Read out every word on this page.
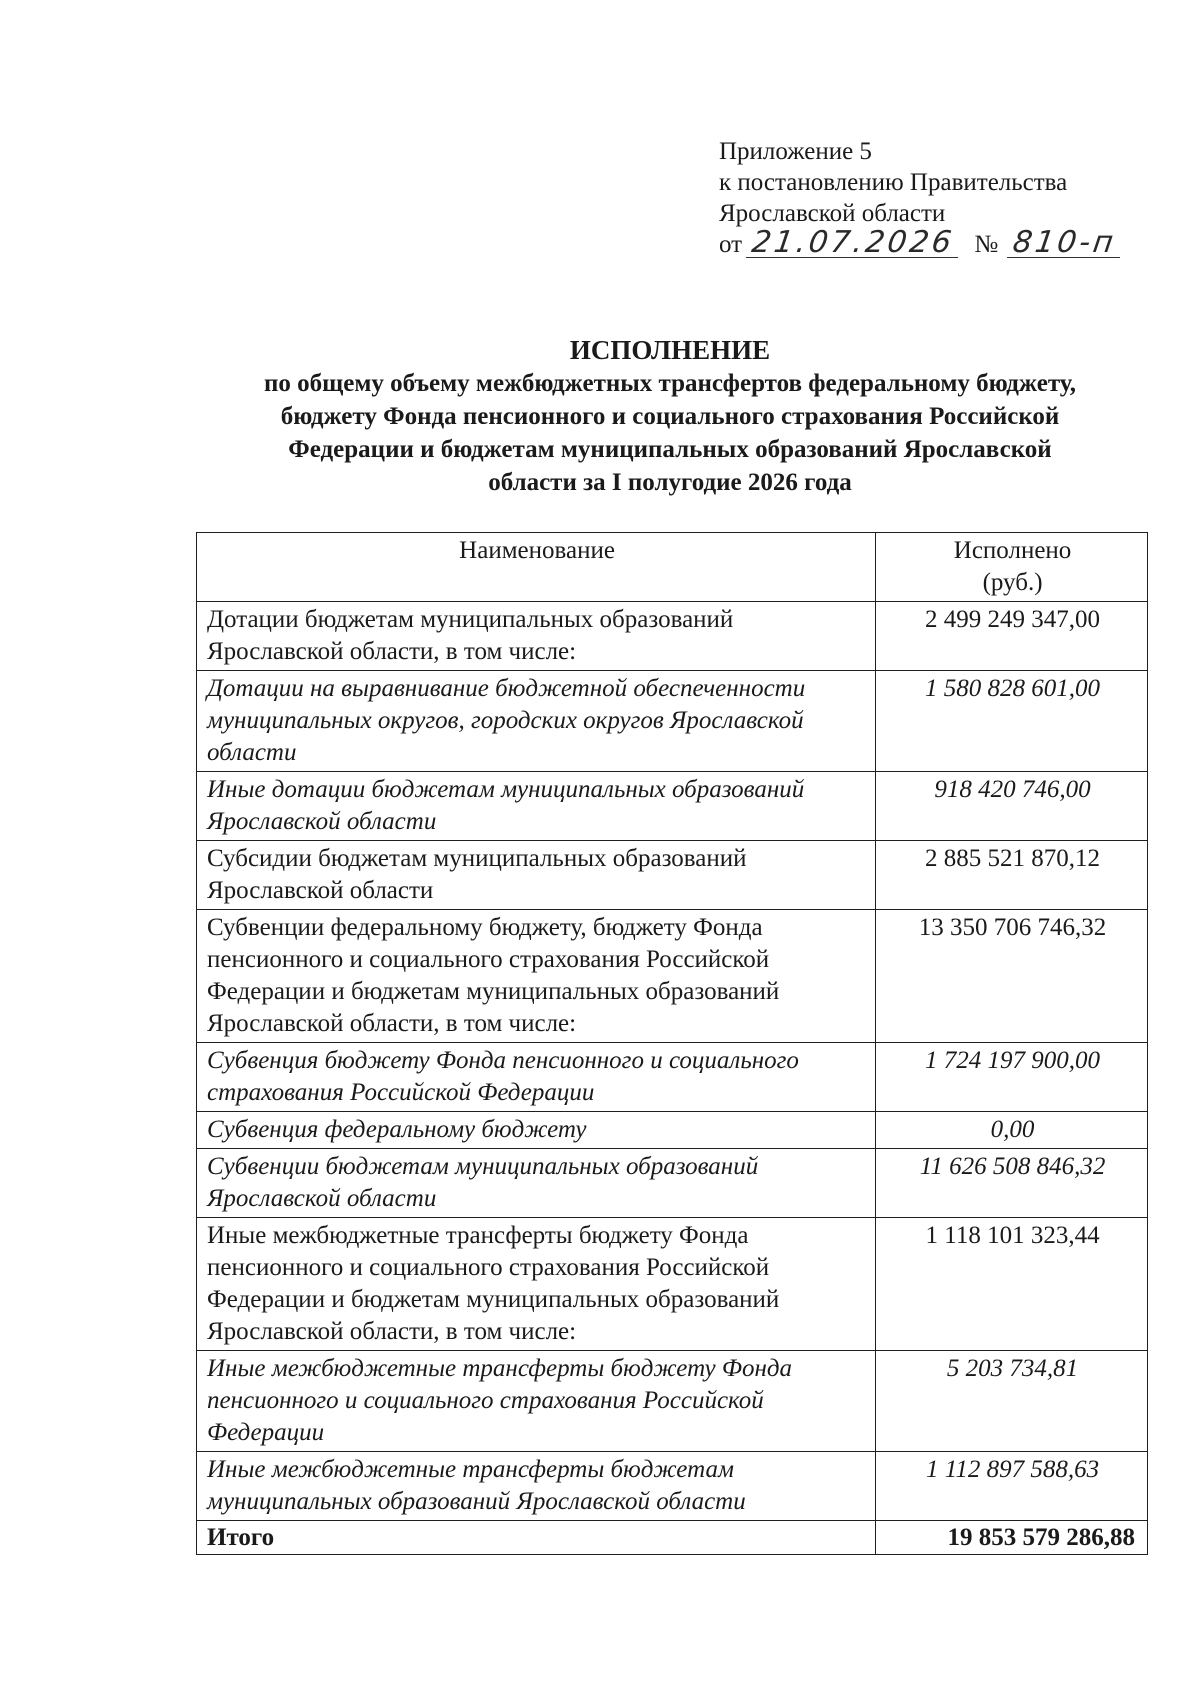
Приложение 5
к постановлению Правительства
Ярославской области
от 21.07.2026 № 810-п
ИСПОЛНЕНИЕ
по общему объему межбюджетных трансфертов федеральному бюджету,
бюджету Фонда пенсионного и социального страхования Российской
Федерации и бюджетам муниципальных образований Ярославской
области за I полугодие 2026 года
Наименование	Исполнено
(руб.)

Дотации бюджетам муниципальных образований Ярославской области, в том числе:	2 499 249 347,00
Дотации на выравнивание бюджетной обеспеченности муниципальных округов, городских округов Ярославской области	1 580 828 601,00
Иные дотации бюджетам муниципальных образований Ярославской области	918 420 746,00
Субсидии бюджетам муниципальных образований Ярославской области	2 885 521 870,12
Субвенции федеральному бюджету, бюджету Фонда пенсионного и социального страхования Российской Федерации и бюджетам муниципальных образований Ярославской области, в том числе:	13 350 706 746,32
Субвенция бюджету Фонда пенсионного и социального страхования Российской Федерации	1 724 197 900,00
Субвенция федеральному бюджету	0,00
Субвенции бюджетам муниципальных образований Ярославской области	11 626 508 846,32
Иные межбюджетные трансферты бюджету Фонда пенсионного и социального страхования Российской Федерации и бюджетам муниципальных образований Ярославской области, в том числе:	1 118 101 323,44
Иные межбюджетные трансферты бюджету Фонда пенсионного и социального страхования Российской Федерации	5 203 734,81
Иные межбюджетные трансферты бюджетам муниципальных образований Ярославской области	1 112 897 588,63
Итого	19 853 579 286,88
